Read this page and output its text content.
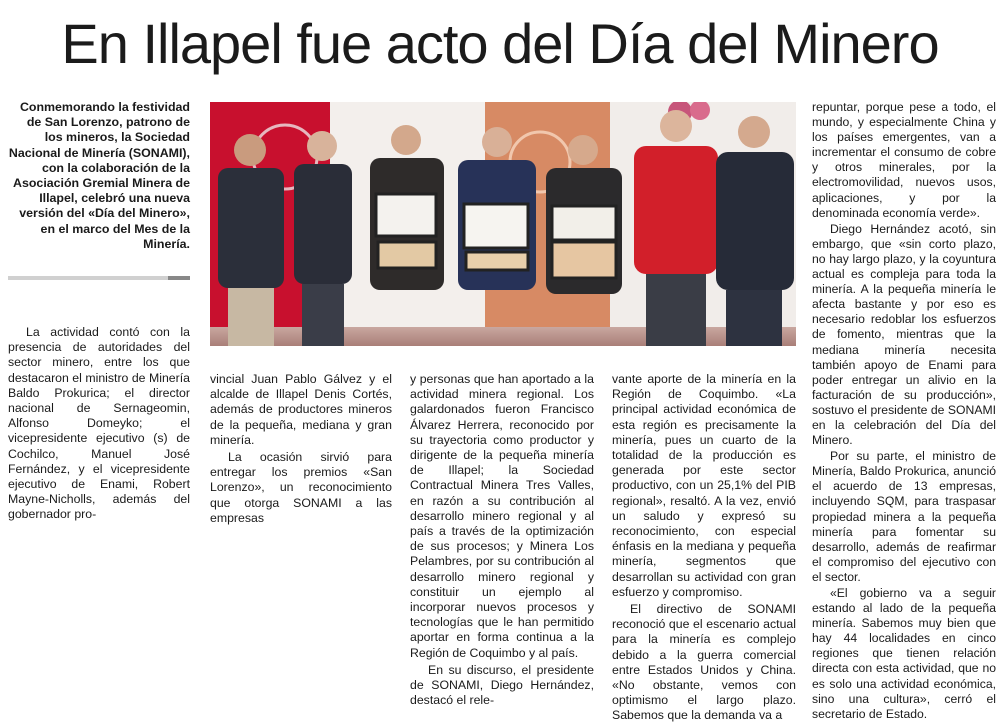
En Illapel fue acto del Día del Minero
Conmemorando la festividad de San Lorenzo, patrono de los mineros, la Sociedad Nacional de Minería (SONAMI), con la colaboración de la Asociación Gremial Minera de Illapel, celebró una nueva versión del «Día del Minero», en el marco del Mes de la Minería.

La actividad contó con la presencia de autoridades del sector minero, entre los que destacaron el ministro de Minería Baldo Prokurica; el director nacional de Sernageomin, Alfonso Domeyko; el vicepresidente ejecutivo (s) de Cochilco, Manuel José Fernández, y el vicepresidente ejecutivo de Enami, Robert Mayne-Nicholls, además del gobernador pro-

vincial Juan Pablo Gálvez y el alcalde de Illapel Denis Cortés, además de productores mineros de la pequeña, mediana y gran minería.

La ocasión sirvió para entregar los premios «San Lorenzo», un reconocimiento que otorga SONAMI a las empresas

y personas que han aportado a la actividad minera regional. Los galardonados fueron Francisco Álvarez Herrera, reconocido por su trayectoria como productor y dirigente de la pequeña minería de Illapel; la Sociedad Contractual Minera Tres Valles, en razón a su contribución al desarrollo minero regional y al país a través de la optimización de sus procesos; y Minera Los Pelambres, por su contribución al desarrollo minero regional y constituir un ejemplo al incorporar nuevos procesos y tecnologías que le han permitido aportar en forma continua a la Región de Coquimbo y al país.

En su discurso, el presidente de SONAMI, Diego Hernández, destacó el rele-

vante aporte de la minería en la Región de Coquimbo. «La principal actividad económica de esta región es precisamente la minería, pues un cuarto de la totalidad de la producción es generada por este sector productivo, con un 25,1% del PIB regional», resaltó. A la vez, envió un saludo y expresó su reconocimiento, con especial énfasis en la mediana y pequeña minería, segmentos que desarrollan su actividad con gran esfuerzo y compromiso.

El directivo de SONAMI reconoció que el escenario actual para la minería es complejo debido a la guerra comercial entre Estados Unidos y China. «No obstante, vemos con optimismo el largo plazo. Sabemos que la demanda va a

repuntar, porque pese a todo, el mundo, y especialmente China y los países emergentes, van a incrementar el consumo de cobre y otros minerales, por la electromovilidad, nuevos usos, aplicaciones, y por la denominada economía verde».

Diego Hernández acotó, sin embargo, que «sin corto plazo, no hay largo plazo, y la coyuntura actual es compleja para toda la minería. A la pequeña minería le afecta bastante y por eso es necesario redoblar los esfuerzos de fomento, mientras que la mediana minería necesita también apoyo de Enami para poder entregar un alivio en la facturación de su producción», sostuvo el presidente de SONAMI en la celebración del Día del Minero.

Por su parte, el ministro de Minería, Baldo Prokurica, anunció el acuerdo de 13 empresas, incluyendo SQM, para traspasar propiedad minera a la pequeña minería para fomentar su desarrollo, además de reafirmar el compromiso del ejecutivo con el sector.

«El gobierno va a seguir estando al lado de la pequeña minería. Sabemos muy bien que hay 44 localidades en cinco regiones que tienen relación directa con esta actividad, que no es solo una actividad económica, sino una cultura», cerró el secretario de Estado.
